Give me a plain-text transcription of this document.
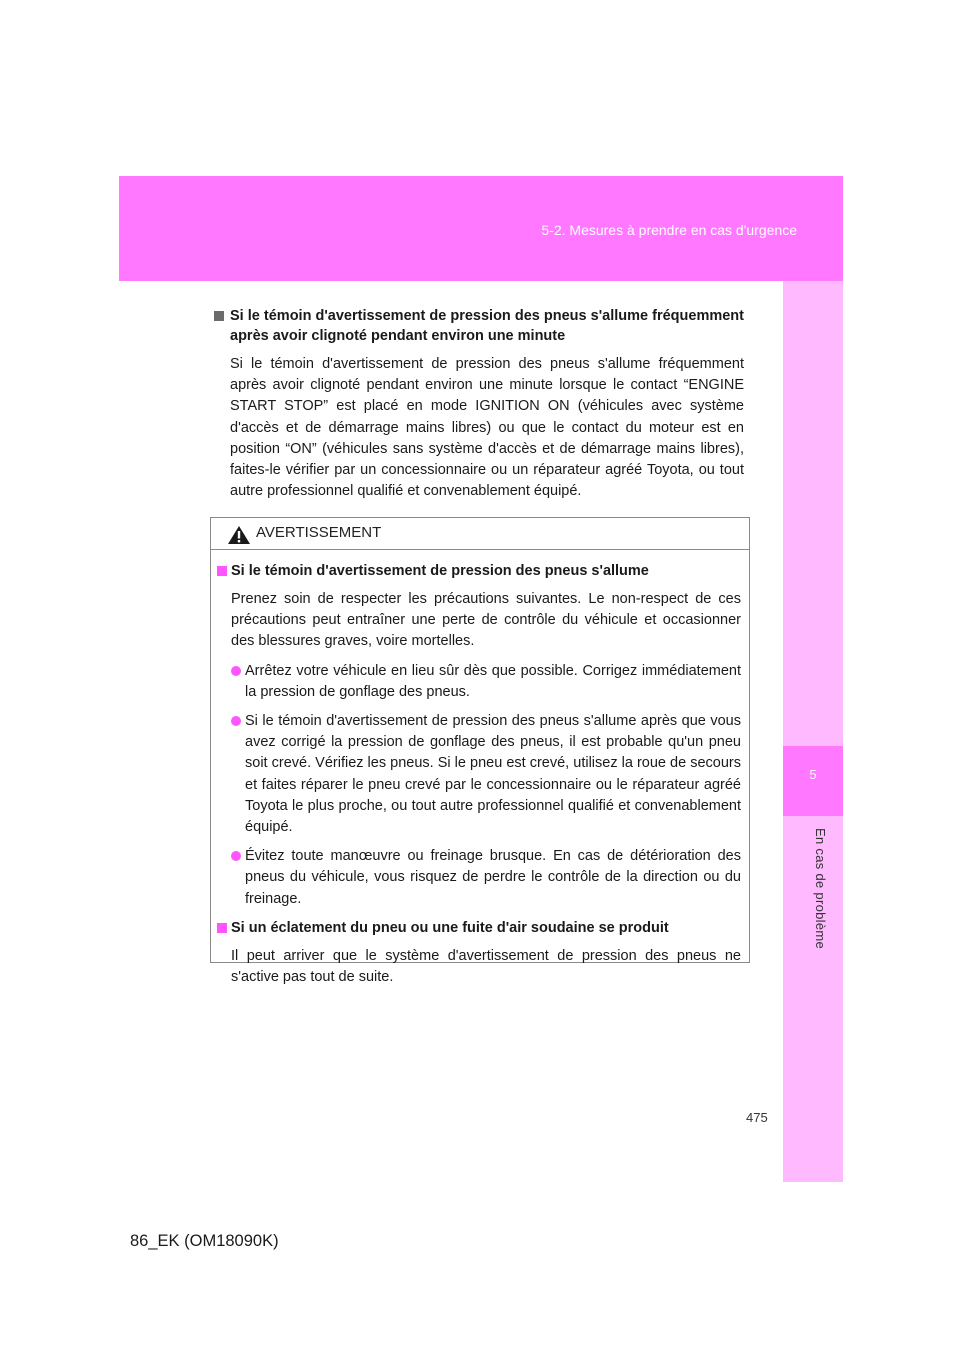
5-2. Mesures à prendre en cas d'urgence
5
En cas de problème
Si le témoin d'avertissement de pression des pneus s'allume fréquemment après avoir clignoté pendant environ une minute
Si le témoin d'avertissement de pression des pneus s'allume fréquemment après avoir clignoté pendant environ une minute lorsque le contact “ENGINE START STOP” est placé en mode IGNITION ON (véhicules avec système d'accès et de démarrage mains libres) ou que le contact du moteur est en position “ON” (véhicules sans système d'accès et de démarrage mains libres), faites-le vérifier par un concessionnaire ou un réparateur agréé Toyota, ou tout autre professionnel qualifié et convenablement équipé.
AVERTISSEMENT
Si le témoin d'avertissement de pression des pneus s'allume
Prenez soin de respecter les précautions suivantes. Le non-respect de ces précautions peut entraîner une perte de contrôle du véhicule et occasionner des blessures graves, voire mortelles.
Arrêtez votre véhicule en lieu sûr dès que possible. Corrigez immédiatement la pression de gonflage des pneus.
Si le témoin d'avertissement de pression des pneus s'allume après que vous avez corrigé la pression de gonflage des pneus, il est probable qu'un pneu soit crevé. Vérifiez les pneus. Si le pneu est crevé, utilisez la roue de secours et faites réparer le pneu crevé par le concessionnaire ou le réparateur agréé Toyota le plus proche, ou tout autre professionnel qualifié et convenablement équipé.
Évitez toute manœuvre ou freinage brusque. En cas de détérioration des pneus du véhicule, vous risquez de perdre le contrôle de la direction ou du freinage.
Si un éclatement du pneu ou une fuite d'air soudaine se produit
Il peut arriver que le système d'avertissement de pression des pneus ne s'active pas tout de suite.
475
86_EK (OM18090K)
